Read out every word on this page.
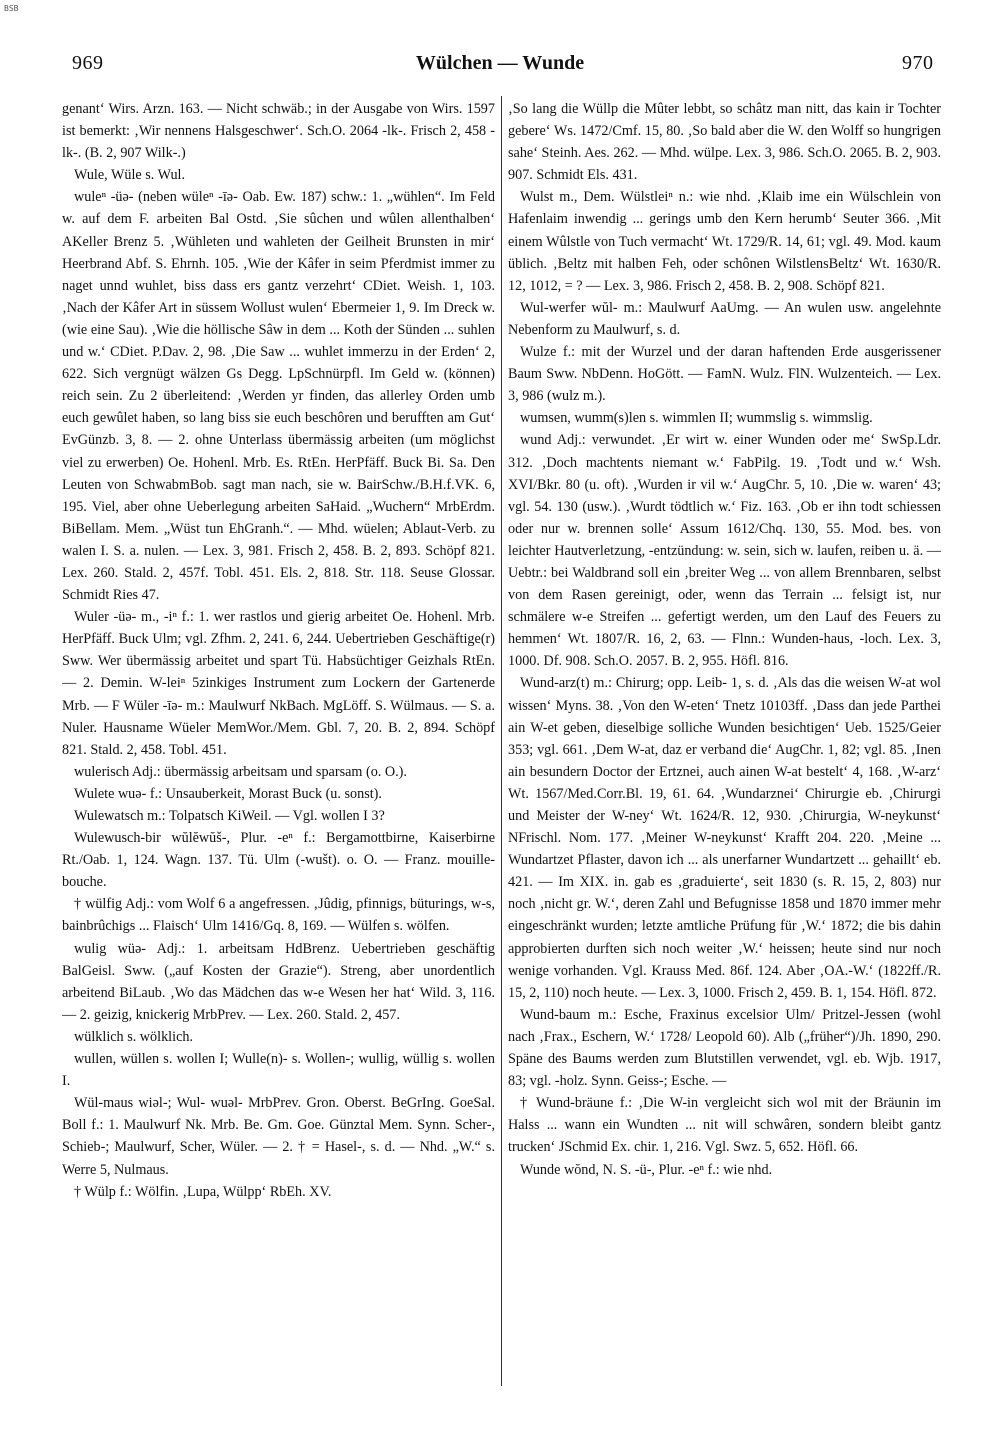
BSB
969	Wülchen — Wunde	970

genant‘ Wirs. Arzn. 163. — Nicht schwäb.; in der Ausgabe von Wirs. 1597 ist bemerkt: ‚Wir nennens Halsgeschwer‘. Sch.O. 2064 -lk-. Frisch 2, 458 -lk-. (B. 2, 907 Wilk-.)

Wule, Wüle s. Wul.

wuleⁿ -üə- (neben wüleⁿ -īə- Oab. Ew. 187) schw.: 1. „wühlen“. Im Feld w. auf dem F. arbeiten Bal Ostd. ‚Sie sûchen und wûlen allenthalben‘ AKeller Brenz 5. ‚Wühleten und wahleten der Geilheit Brunsten in mir‘ Heerbrand Abf. S. Ehrnh. 105. ‚Wie der Kâfer in seim Pferdmist immer zu naget unnd wuhlet, biss dass ers gantz verzehrt‘ CDiet. Weish. 1, 103. ‚Nach der Kâfer Art in süssem Wollust wulen‘ Ebermeier 1, 9. Im Dreck w. (wie eine Sau). ‚Wie die höllische Sâw in dem ... Koth der Sünden ... suhlen und w.‘ CDiet. P.Dav. 2, 98. ‚Die Saw ... wuhlet immerzu in der Erden‘ 2, 622. Sich vergnügt wälzen Gs Degg. LpSchnürpfl. Im Geld w. (können) reich sein. Zu 2 überleitend: ‚Werden yr finden, das allerley Orden umb euch gewûlet haben, so lang biss sie euch beschôren und berufften am Gut‘ EvGünzb. 3, 8. — 2. ohne Unterlass übermässig arbeiten (um möglichst viel zu erwerben) Oe. Hohenl. Mrb. Es. RtEn. HerPfäff. Buck Bi. Sa. Den Leuten von SchwabmBob. sagt man nach, sie w. BairSchw./B.H.f.VK. 6, 195. Viel, aber ohne Ueberlegung arbeiten SaHaid. „Wuchern“ MrbErdm. BiBellam. Mem. „Wüst tun EhGranh.“. — Mhd. wüelen; Ablaut-Verb. zu walen I. S. a. nulen. — Lex. 3, 981. Frisch 2, 458. B. 2, 893. Schöpf 821. Lex. 260. Stald. 2, 457f. Tobl. 451. Els. 2, 818. Str. 118. Seuse Glossar. Schmidt Ries 47.

Wuler -üə- m., -iⁿ f.: 1. wer rastlos und gierig arbeitet Oe. Hohenl. Mrb. HerPfäff. Buck Ulm; vgl. Zfhm. 2, 241. 6, 244. Uebertrieben Geschäftige(r) Sww. Wer übermässig arbeitet und spart Tü. Habsüchtiger Geizhals RtEn. — 2. Demin. W-leiⁿ 5zinkiges Instrument zum Lockern der Gartenerde Mrb. — F Wüler -īə- m.: Maulwurf NkBach. MgLöff. S. Wülmaus. — S. a. Nuler. Hausname Wüeler MemWor./Mem. Gbl. 7, 20. B. 2, 894. Schöpf 821. Stald. 2, 458. Tobl. 451.

wulerisch Adj.: übermässig arbeitsam und sparsam (o. O.).

Wulete wuə- f.: Unsauberkeit, Morast Buck (u. sonst).

Wulewatsch m.: Tolpatsch KiWeil. — Vgl. wollen I 3?

Wulewusch-bir wŭlĕwŭš-, Plur. -eⁿ f.: Bergamottbirne, Kaiserbirne Rt./Oab. 1, 124. Wagn. 137. Tü. Ulm (-wušt). o. O. — Franz. mouille-bouche.

† wülfig Adj.: vom Wolf 6 a angefressen. ‚Jûdig, pfinnigs, büturings, w-s, bainbrûchigs ... Flaisch‘ Ulm 1416/Gq. 8, 169. — Wülfen s. wölfen.

wulig wüə- Adj.: 1. arbeitsam HdBrenz. Uebertrieben geschäftig BalGeisl. Sww. („auf Kosten der Grazie“). Streng, aber unordentlich arbeitend BiLaub. ‚Wo das Mädchen das w-e Wesen her hat‘ Wild. 3, 116. — 2. geizig, knickerig MrbPrev. — Lex. 260. Stald. 2, 457.

wülklich s. wölklich.

wullen, wüllen s. wollen I; Wulle(n)- s. Wollen-; wullig, wüllig s. wollen I.

Wül-maus wiəl-; Wul- wuəl- MrbPrev. Gron. Oberst. BeGrIng. GoeSal. Boll f.: 1. Maulwurf Nk. Mrb. Be. Gm. Goe. Günztal Mem. Synn. Scher-, Schieb-; Maulwurf, Scher, Wüler. — 2. † = Hasel-, s. d. — Nhd. „W.“ s. Werre 5, Nulmaus.

† Wülp f.: Wölfin. ‚Lupa, Wülpp‘ RbEh. XV.

‚So lang die Wüllp die Mûter lebbt, so schâtz man nitt, das kain ir Tochter gebere‘ Ws. 1472/Cmf. 15, 80. ‚So bald aber die W. den Wolff so hungrigen sahe‘ Steinh. Aes. 262. — Mhd. wülpe. Lex. 3, 986. Sch.O. 2065. B. 2, 903. 907. Schmidt Els. 431.

Wulst m., Dem. Wülstleiⁿ n.: wie nhd. ‚Klaib ime ein Wülschlein von Hafenlaim inwendig ... gerings umb den Kern herumb‘ Seuter 366. ‚Mit einem Wûlstle von Tuch vermacht‘ Wt. 1729/R. 14, 61; vgl. 49. Mod. kaum üblich. ‚Beltz mit halben Feh, oder schônen WilstlensBeltz‘ Wt. 1630/R. 12, 1012, = ? — Lex. 3, 986. Frisch 2, 458. B. 2, 908. Schöpf 821.

Wul-werfer wŭl- m.: Maulwurf AaUmg. — An wulen usw. angelehnte Nebenform zu Maulwurf, s. d.

Wulze f.: mit der Wurzel und der daran haftenden Erde ausgerissener Baum Sww. NbDenn. HoGött. — FamN. Wulz. FlN. Wulzenteich. — Lex. 3, 986 (wulz m.).

wumsen, wumm(s)len s. wimmlen II; wummslig s. wimmslig.

wund Adj.: verwundet. ‚Er wirt w. einer Wunden oder me‘ SwSp.Ldr. 312. ‚Doch machtents niemant w.‘ FabPilg. 19. ‚Todt und w.‘ Wsh. XVI/Bkr. 80 (u. oft). ‚Wurden ir vil w.‘ AugChr. 5, 10. ‚Die w. waren‘ 43; vgl. 54. 130 (usw.). ‚Wurdt tödtlich w.‘ Fiz. 163. ‚Ob er ihn todt schiessen oder nur w. brennen solle‘ Assum 1612/Chq. 130, 55. Mod. bes. von leichter Hautverletzung, -entzündung: w. sein, sich w. laufen, reiben u. ä. — Uebtr.: bei Waldbrand soll ein ‚breiter Weg ... von allem Brennbaren, selbst von dem Rasen gereinigt, oder, wenn das Terrain ... felsigt ist, nur schmälere w-e Streifen ... gefertigt werden, um den Lauf des Feuers zu hemmen‘ Wt. 1807/R. 16, 2, 63. — Flnn.: Wunden-haus, -loch. Lex. 3, 1000. Df. 908. Sch.O. 2057. B. 2, 955. Höfl. 816.

Wund-arz(t) m.: Chirurg; opp. Leib- 1, s. d. ‚Als das die weisen W-at wol wissen‘ Myns. 38. ‚Von den W-eten‘ Tnetz 10103ff. ‚Dass dan jede Parthei ain W-et geben, dieselbige solliche Wunden besichtigen‘ Ueb. 1525/Geier 353; vgl. 661. ‚Dem W-at, daz er verband die‘ AugChr. 1, 82; vgl. 85. ‚Inen ain besundern Doctor der Ertznei, auch ainen W-at bestelt‘ 4, 168. ‚W-arz‘ Wt. 1567/Med.Corr.Bl. 19, 61. 64. ‚Wundarzneiʻ Chirurgie eb. ‚Chirurgi und Meister der W-ney‘ Wt. 1624/R. 12, 930. ‚Chirurgia, W-neykunst‘ NFrischl. Nom. 177. ‚Meiner W-neykunst‘ Krafft 204. 220. ‚Meine ... Wundartzet Pflaster, davon ich ... als unerfarner Wundartzett ... gehaillt‘ eb. 421. — Im XIX. in. gab es ‚graduierte‘, seit 1830 (s. R. 15, 2, 803) nur noch ‚nicht gr. W.‘, deren Zahl und Befugnisse 1858 und 1870 immer mehr eingeschränkt wurden; letzte amtliche Prüfung für ‚W.‘ 1872; die bis dahin approbierten durften sich noch weiter ‚W.‘ heissen; heute sind nur noch wenige vorhanden. Vgl. Krauss Med. 86f. 124. Aber ‚OA.-W.‘ (1822ff./R. 15, 2, 110) noch heute. — Lex. 3, 1000. Frisch 2, 459. B. 1, 154. Höfl. 872.

Wund-baum m.: Esche, Fraxinus excelsior Ulm/ Pritzel-Jessen (wohl nach ‚Frax., Eschern, W.‘ 1728/ Leopold 60). Alb („früher“)/Jh. 1890, 290. Späne des Baums werden zum Blutstillen verwendet, vgl. eb. Wjb. 1917, 83; vgl. -holz. Synn. Geiss-; Esche. —

† Wund-bräune f.: ‚Die W-in vergleicht sich wol mit der Bräunin im Halss ... wann ein Wundten ... nit will schwâren, sondern bleibt gantz trucken‘ JSchmid Ex. chir. 1, 216. Vgl. Swz. 5, 652. Höfl. 66.

Wunde wŏnd, N. S. -ü-, Plur. -eⁿ f.: wie nhd.
